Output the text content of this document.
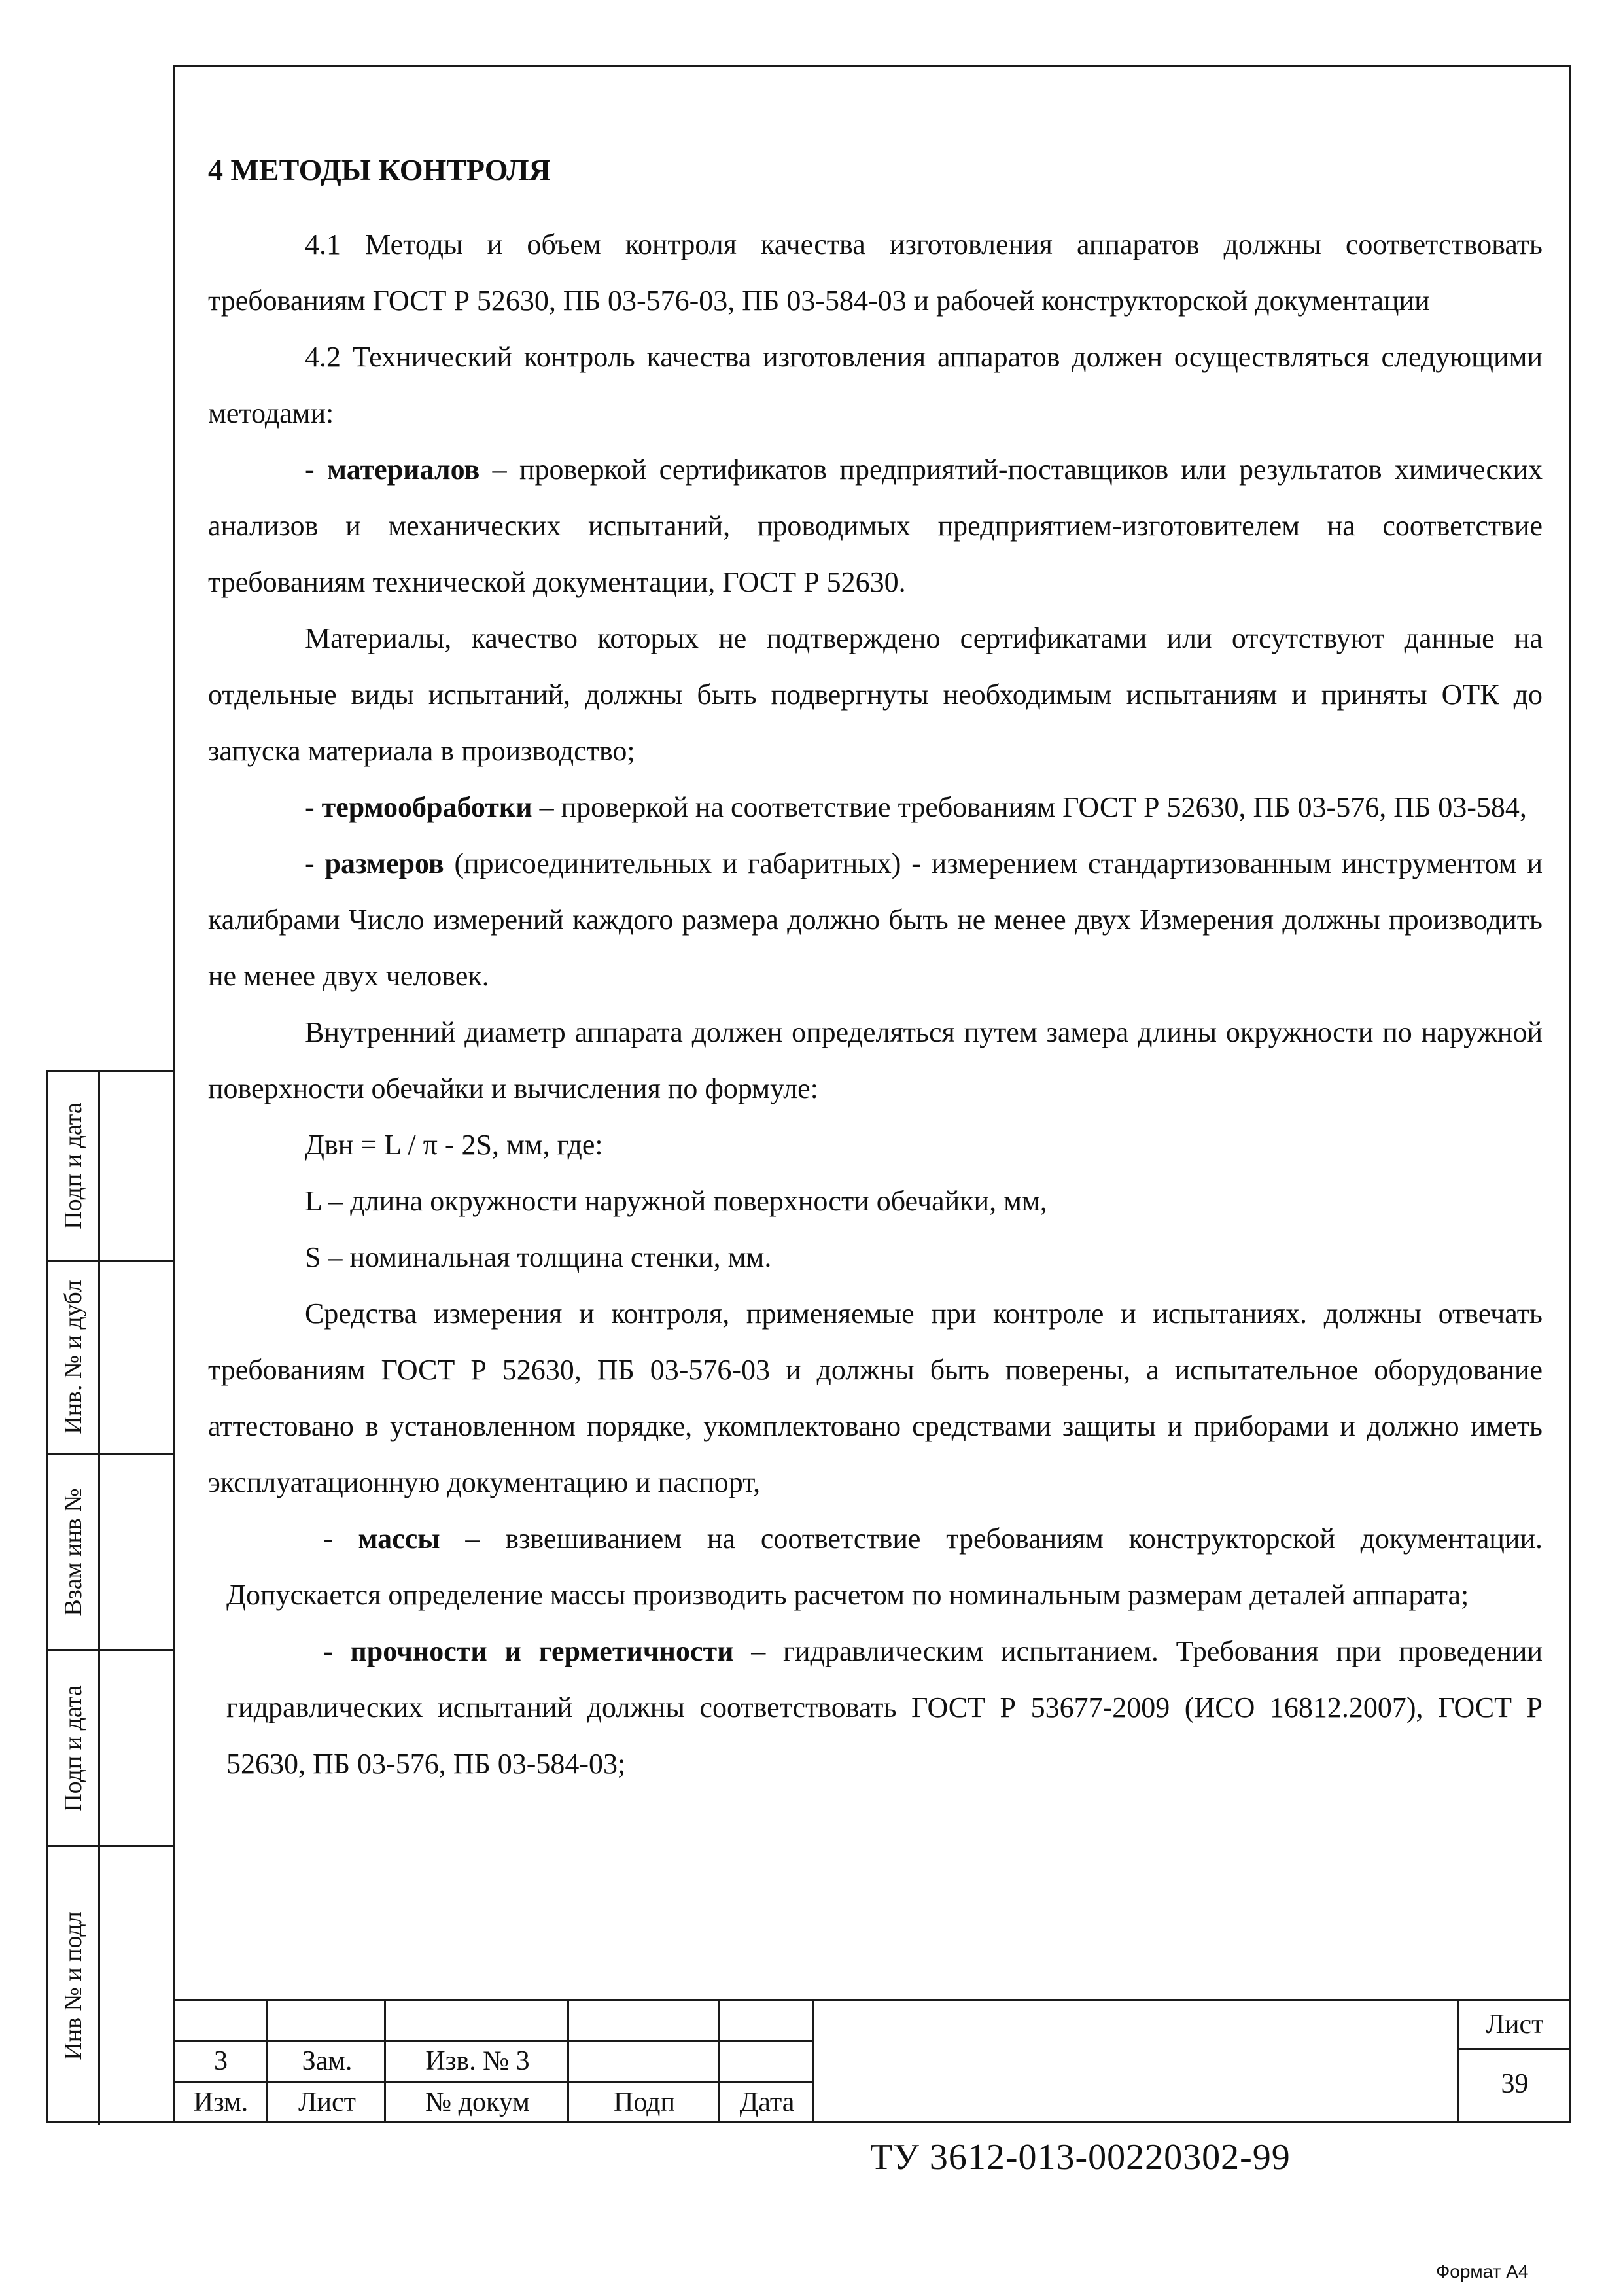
Подп и дата
Инв. № и дубл
Взам инв №
Подп и дата
Инв № и подл

4 МЕТОДЫ КОНТРОЛЯ

4.1 Методы и объем контроля качества изготовления аппаратов должны соответствовать требованиям ГОСТ Р 52630, ПБ 03-576-03, ПБ 03-584-03 и рабочей конструкторской документации

4.2 Технический контроль качества изготовления аппаратов должен осуществляться следующими методами:

- материалов – проверкой сертификатов предприятий-поставщиков или результатов химических анализов и механических испытаний, проводимых предприятием-изготовителем на соответствие требованиям технической документации, ГОСТ Р 52630.

Материалы, качество которых не подтверждено сертификатами или отсутствуют данные на отдельные виды испытаний, должны быть подвергнуты необходимым испытаниям и приняты ОТК до запуска материала в производство;

- термообработки – проверкой на соответствие требованиям ГОСТ Р 52630, ПБ 03-576, ПБ 03-584,

- размеров (присоединительных и габаритных) - измерением стандартизованным инструментом и калибрами Число измерений каждого размера должно быть не менее двух Измерения должны производить не менее двух человек.

Внутренний диаметр аппарата должен определяться путем замера длины окружности по наружной поверхности обечайки и вычисления по формуле:

Двн = L / π - 2S, мм, где:

L – длина окружности наружной поверхности обечайки, мм,

S – номинальная толщина стенки, мм.

Средства измерения и контроля, применяемые при контроле и испытаниях. должны отвечать требованиям ГОСТ Р 52630, ПБ 03-576-03 и должны быть поверены, а испытательное оборудование аттестовано в установленном порядке, укомплектовано средствами защиты и приборами и должно иметь эксплуатационную документацию и паспорт,

- массы – взвешиванием на соответствие требованиям конструкторской документации. Допускается определение массы производить расчетом по номинальным размерам деталей аппарата;

- прочности и герметичности – гидравлическим испытанием. Требования при проведении гидравлических испытаний должны соответствовать ГОСТ Р 53677-2009 (ИСО 16812.2007), ГОСТ Р 52630, ПБ 03-576, ПБ 03-584-03;

3	Зам.	Изв. № 3
Изм.	Лист	№ докум	Подп	Дата
Лист
39
ТУ 3612-013-00220302-99
Формат А4
